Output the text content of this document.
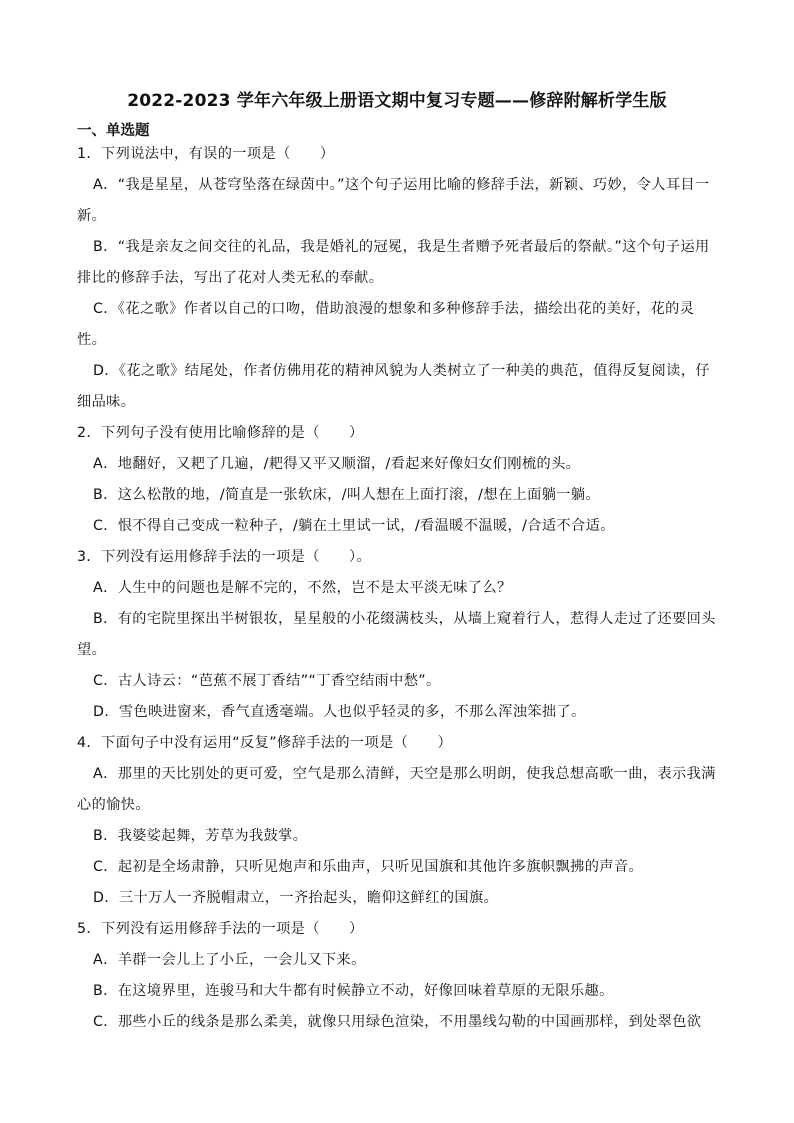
2022-2023 学年六年级上册语文期中复习专题——修辞附解析学生版
一、单选题

1．下列说法中，有误的一项是（　　）

A．“我是星星，从苍穹坠落在绿茵中。”这个句子运用比喻的修辞手法，新颖、巧妙，令人耳目一新。

B．“我是亲友之间交往的礼品，我是婚礼的冠冕，我是生者赠予死者最后的祭献。”这个句子运用排比的修辞手法，写出了花对人类无私的奉献。

C．《花之歌》作者以自己的口吻，借助浪漫的想象和多种修辞手法，描绘出花的美好，花的灵性。

D．《花之歌》结尾处，作者仿佛用花的精神风貌为人类树立了一种美的典范，值得反复阅读，仔细品味。

2．下列句子没有使用比喻修辞的是（　　）

A．地翻好，又耙了几遍，/耙得又平又顺溜，/看起来好像妇女们刚梳的头。

B．这么松散的地，/简直是一张软床，/叫人想在上面打滚，/想在上面躺一躺。

C．恨不得自己变成一粒种子，/躺在土里试一试，/看温暖不温暖，/合适不合适。

3．下列没有运用修辞手法的一项是（　　）。

A．人生中的问题也是解不完的，不然，岂不是太平淡无味了么？

B．有的宅院里探出半树银妆，星星般的小花缀满枝头，从墙上窥着行人，惹得人走过了还要回头望。

C．古人诗云：“芭蕉不展丁香结”“丁香空结雨中愁”。

D．雪色映进窗来，香气直透毫端。人也似乎轻灵的多，不那么浑浊笨拙了。

4．下面句子中没有运用“反复”修辞手法的一项是（　　）

A．那里的天比别处的更可爱，空气是那么清鲜，天空是那么明朗，使我总想高歌一曲，表示我满心的愉快。

B．我婆娑起舞，芳草为我鼓掌。

C．起初是全场肃静，只听见炮声和乐曲声，只听见国旗和其他许多旗帜飘拂的声音。

D．三十万人一齐脱帽肃立，一齐抬起头，瞻仰这鲜红的国旗。

5．下列没有运用修辞手法的一项是（　　）

A．羊群一会儿上了小丘，一会儿又下来。

B．在这境界里，连骏马和大牛都有时候静立不动，好像回味着草原的无限乐趣。

C．那些小丘的线条是那么柔美，就像只用绿色渲染，不用墨线勾勒的中国画那样，到处翠色欲
